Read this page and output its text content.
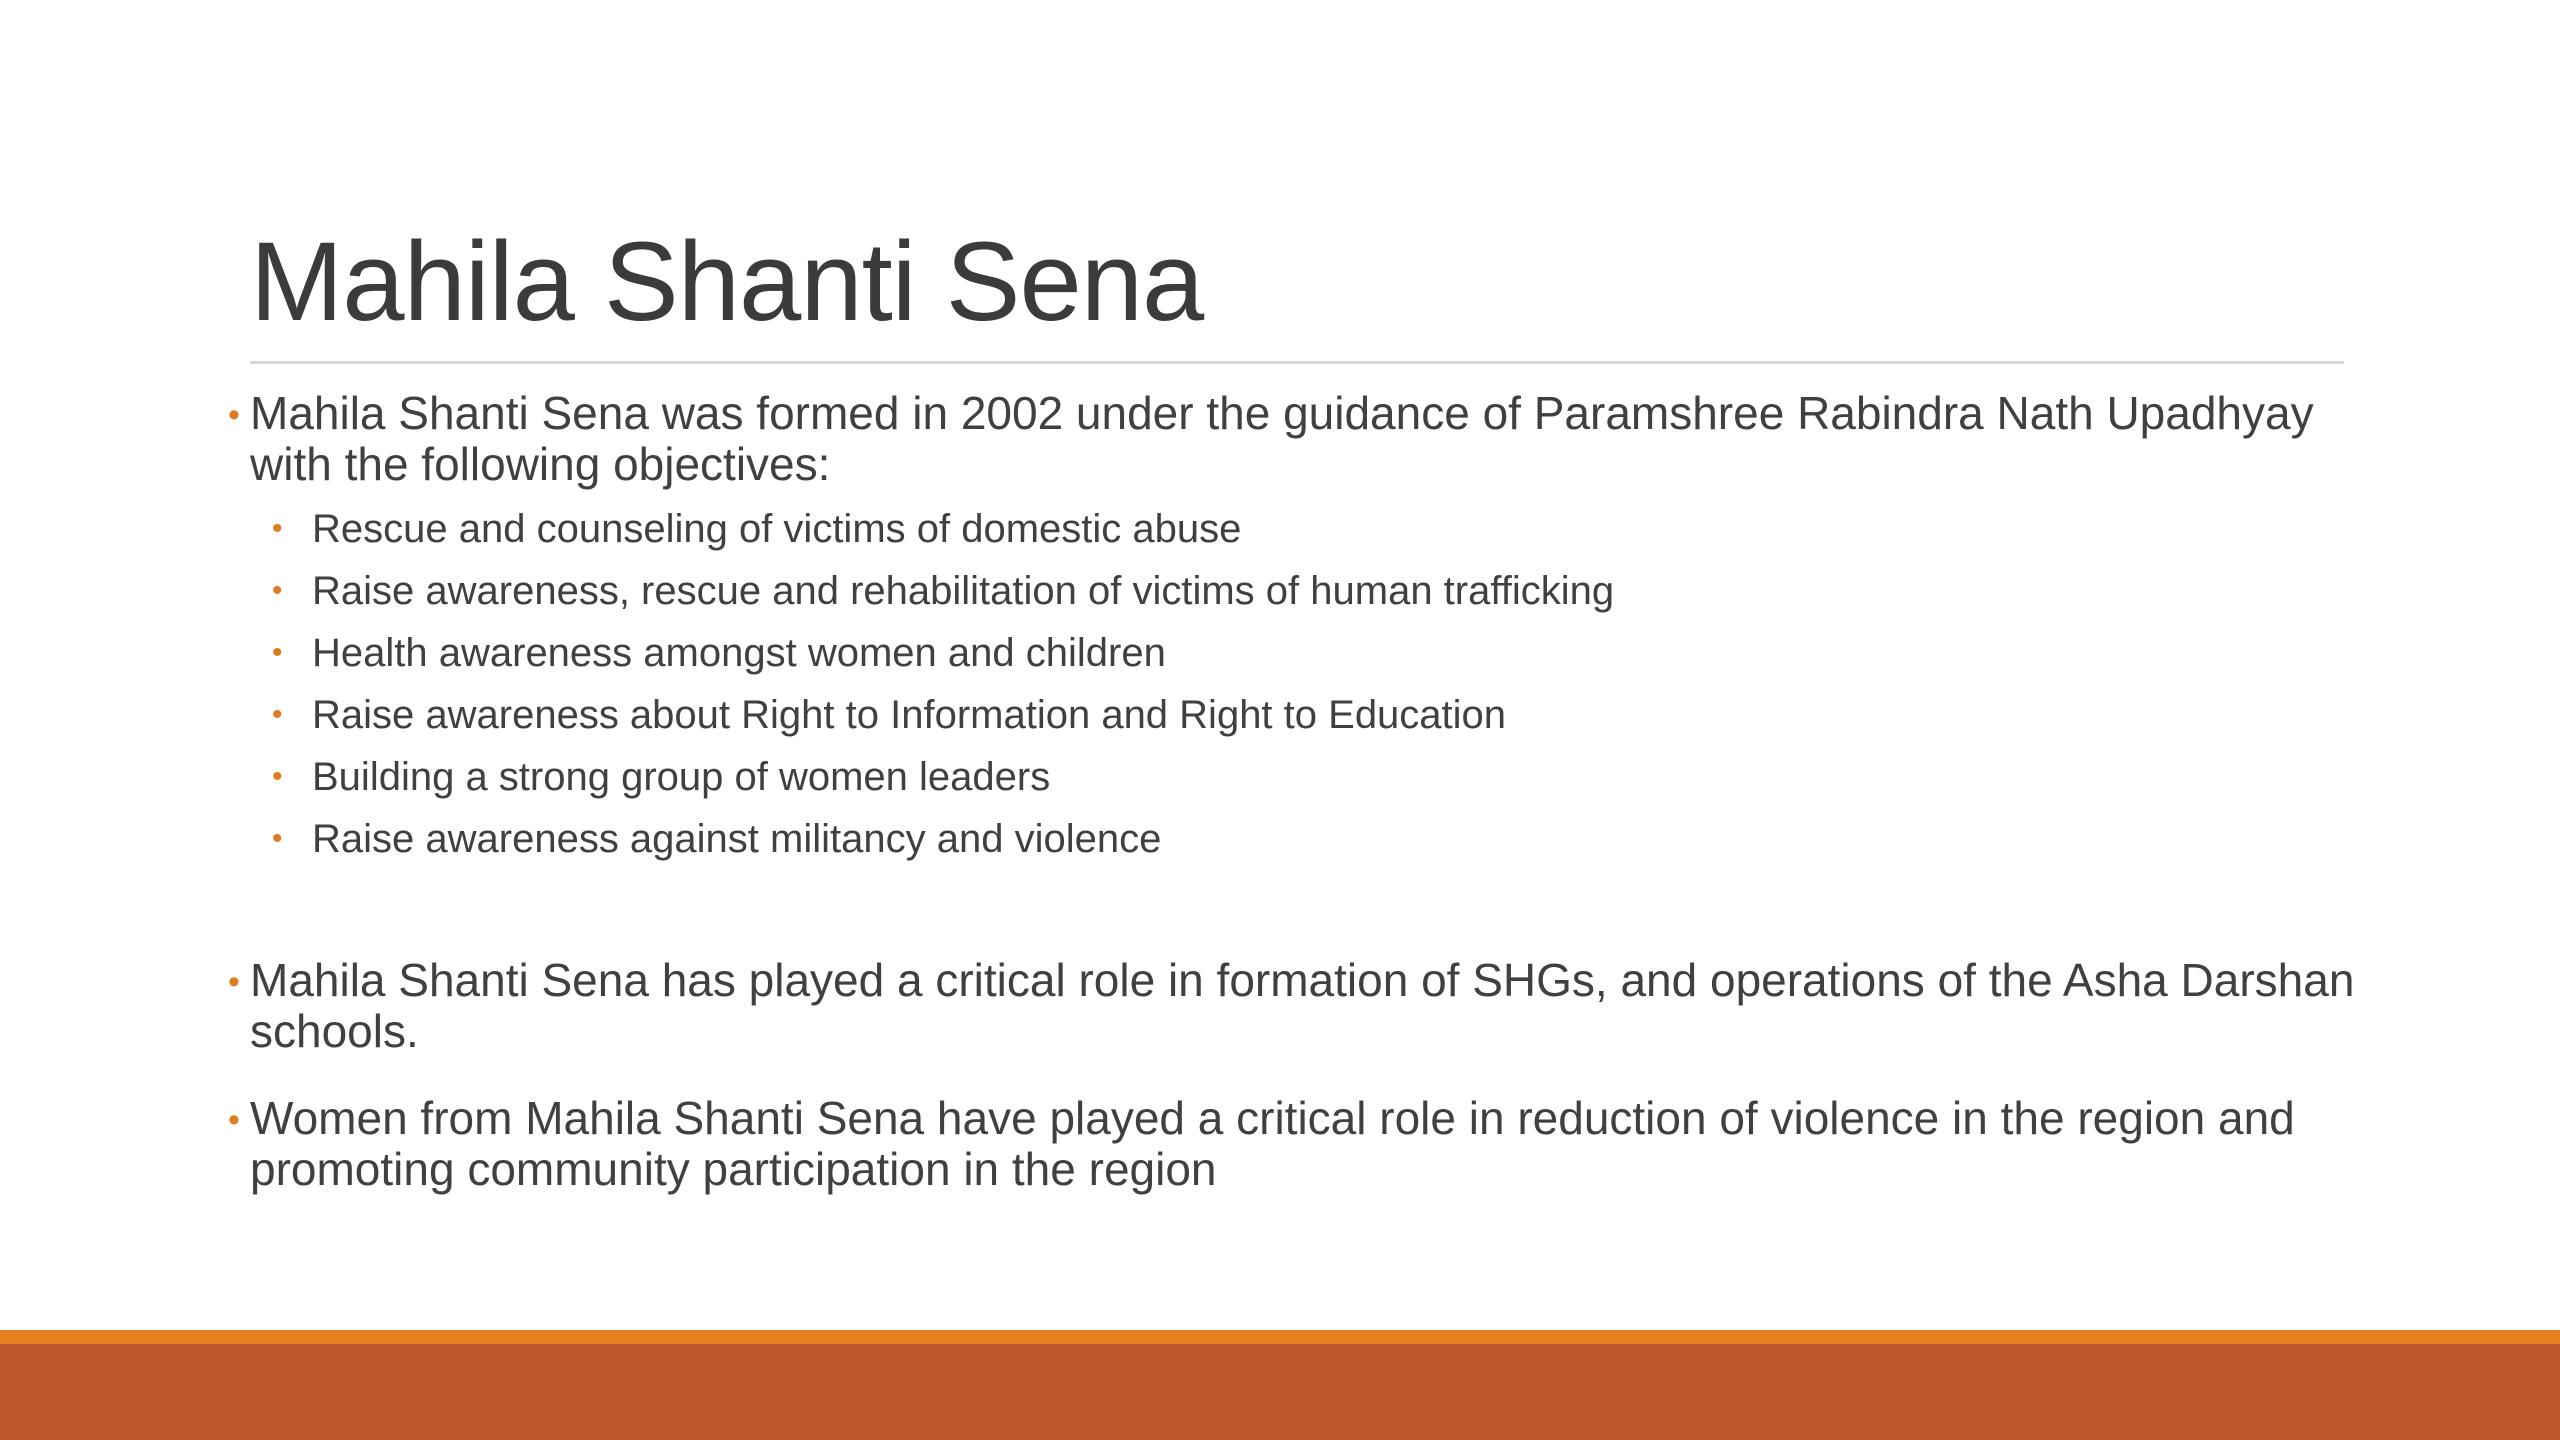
Mahila Shanti Sena
• Mahila Shanti Sena was formed in 2002 under the guidance of Paramshree Rabindra Nath Upadhyay with the following objectives:
• Rescue and counseling of victims of domestic abuse
• Raise awareness, rescue and rehabilitation of victims of human trafficking
• Health awareness amongst women and children
• Raise awareness about Right to Information and Right to Education
• Building a strong group of women leaders
• Raise awareness against militancy and violence
• Mahila Shanti Sena has played a critical role in formation of SHGs, and operations of the Asha Darshan schools.
• Women from Mahila Shanti Sena have played a critical role in reduction of violence in the region and promoting community participation in the region
